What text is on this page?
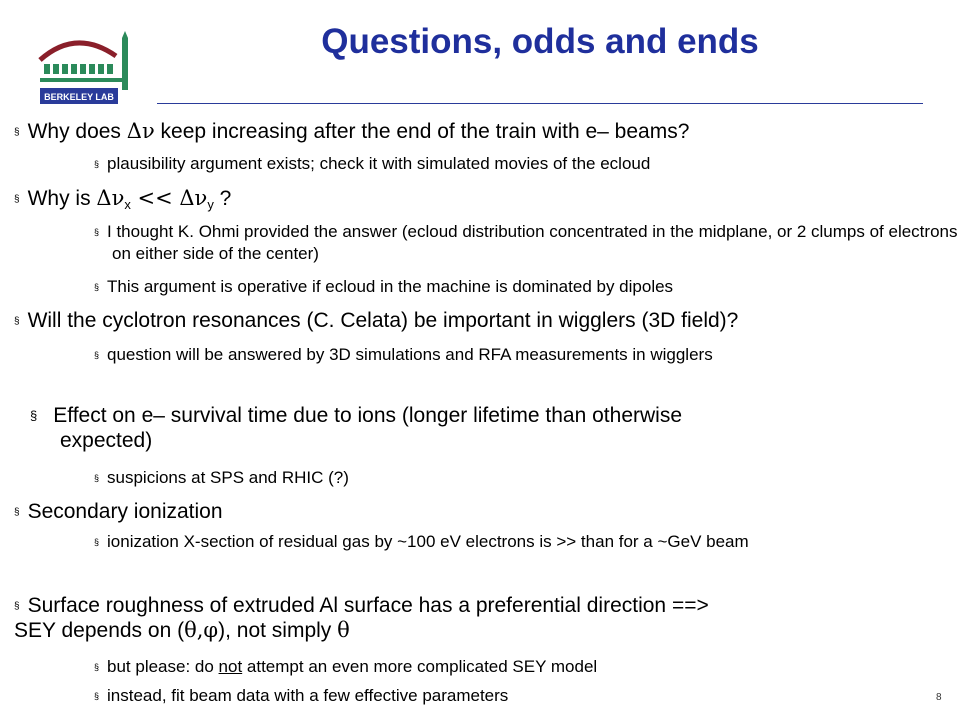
BERKELEY LAB
Questions, odds and ends
§ Why does Δν keep increasing after the end of the train with e– beams?
§ plausibility argument exists; check it with simulated movies of the ecloud
§ Why is $\Delta\nu_x << \Delta\nu_y$ ?
§ I thought K. Ohmi provided the answer (ecloud distribution concentrated in the midplane, or 2 clumps of electrons on either side of the center)
§ This argument is operative if ecloud in the machine is dominated by dipoles
§ Will the cyclotron resonances (C. Celata) be important in wigglers (3D field)?
§ question will be answered by 3D simulations and RFA measurements in wigglers
§ Effect on e– survival time due to ions (longer lifetime than otherwise
expected)
§ suspicions at SPS and RHIC (?)
§ Secondary ionization
§ ionization X-section of residual gas by ~100 eV electrons is >> than for a ~GeV beam
§ Surface roughness of extruded Al surface has a preferential direction ==>
SEY depends on (θ,φ), not simply θ
§ but please: do not attempt an even more complicated SEY model
§ instead, fit beam data with a few effective parameters	8
